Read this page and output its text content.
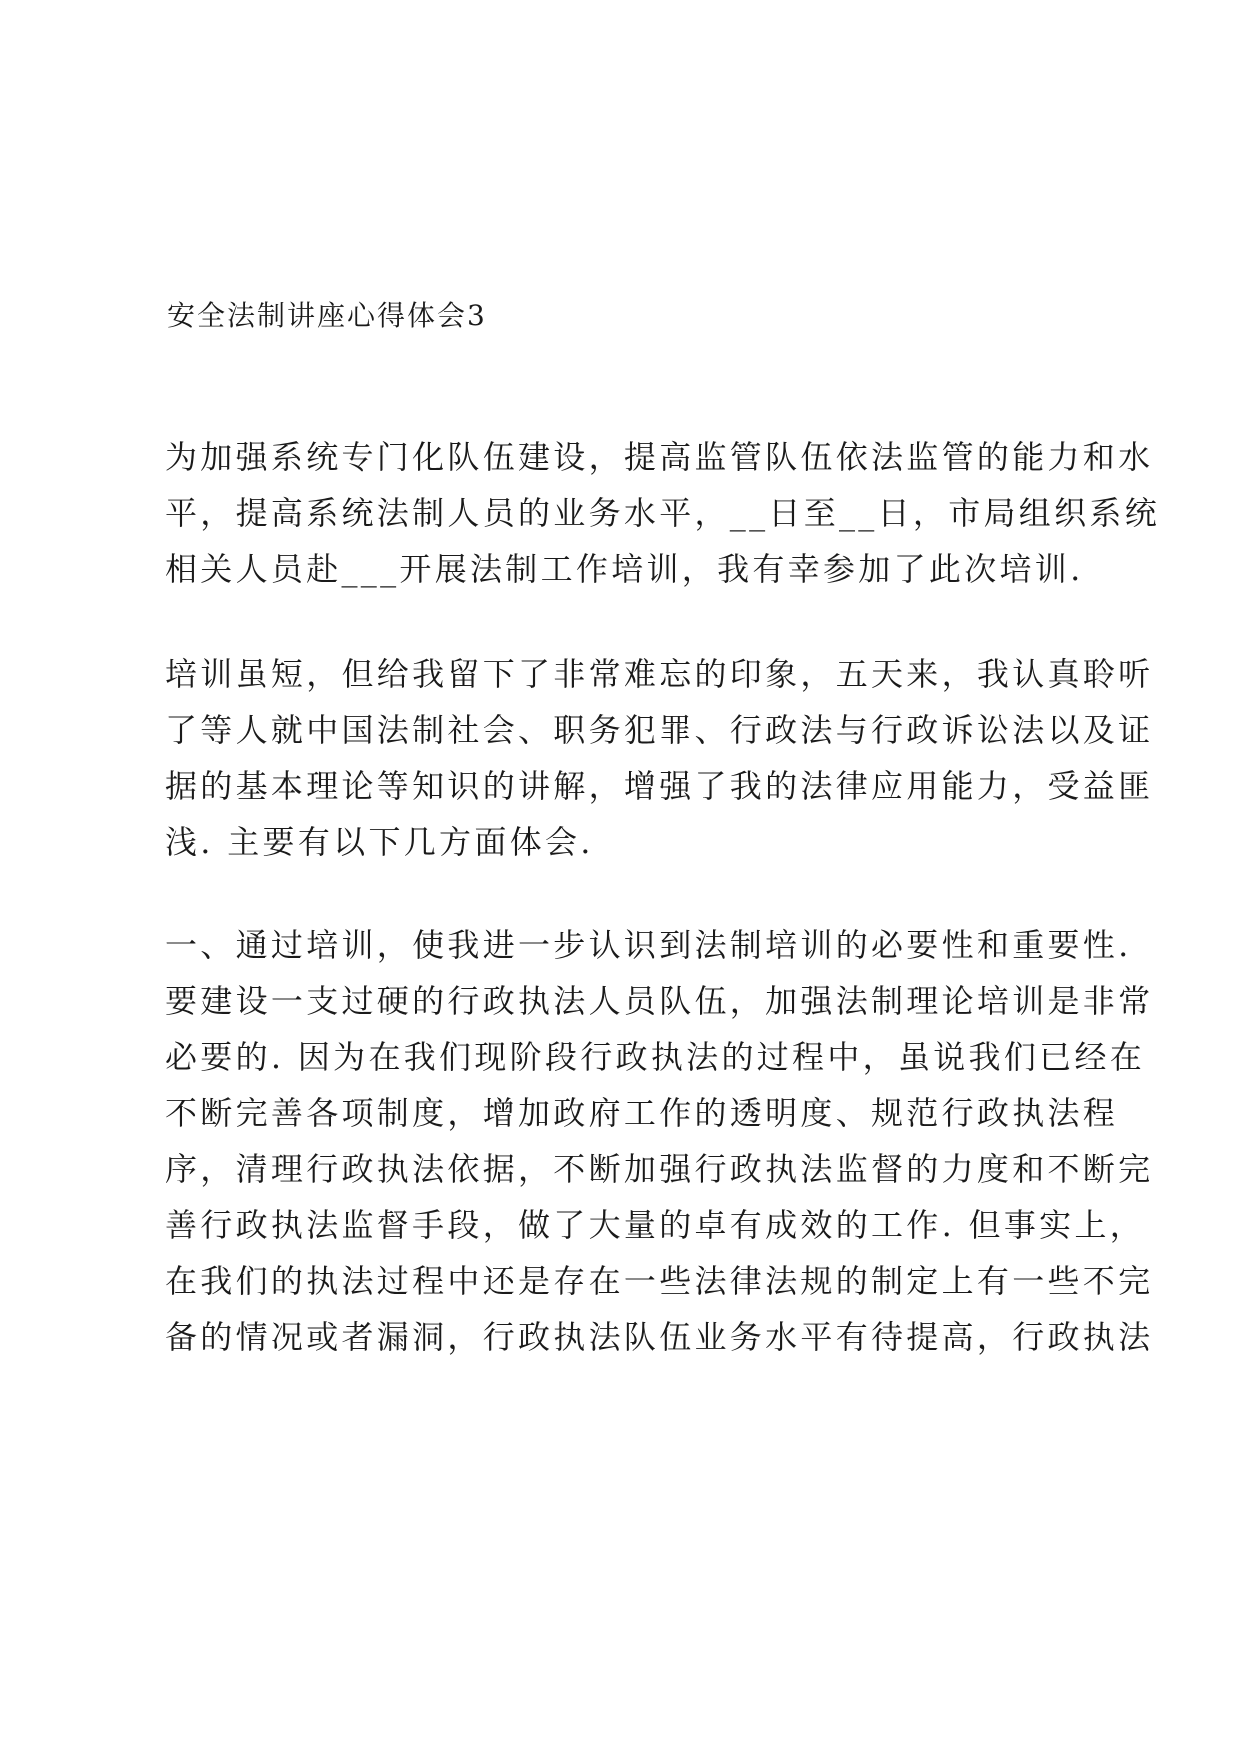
安全法制讲座心得体会3
为加强系统专门化队伍建设，提高监管队伍依法监管的能力和水
平，提高系统法制人员的业务水平，__日至__日，市局组织系统
相关人员赴___开展法制工作培训，我有幸参加了此次培训.
培训虽短，但给我留下了非常难忘的印象，五天来，我认真聆听
了等人就中国法制社会、职务犯罪、行政法与行政诉讼法以及证
据的基本理论等知识的讲解，增强了我的法律应用能力，受益匪
浅. 主要有以下几方面体会.
一、通过培训，使我进一步认识到法制培训的必要性和重要性.
要建设一支过硬的行政执法人员队伍，加强法制理论培训是非常
必要的. 因为在我们现阶段行政执法的过程中，虽说我们已经在
不断完善各项制度，增加政府工作的透明度、规范行政执法程
序，清理行政执法依据，不断加强行政执法监督的力度和不断完
善行政执法监督手段，做了大量的卓有成效的工作. 但事实上，
在我们的执法过程中还是存在一些法律法规的制定上有一些不完
备的情况或者漏洞，行政执法队伍业务水平有待提高，行政执法
